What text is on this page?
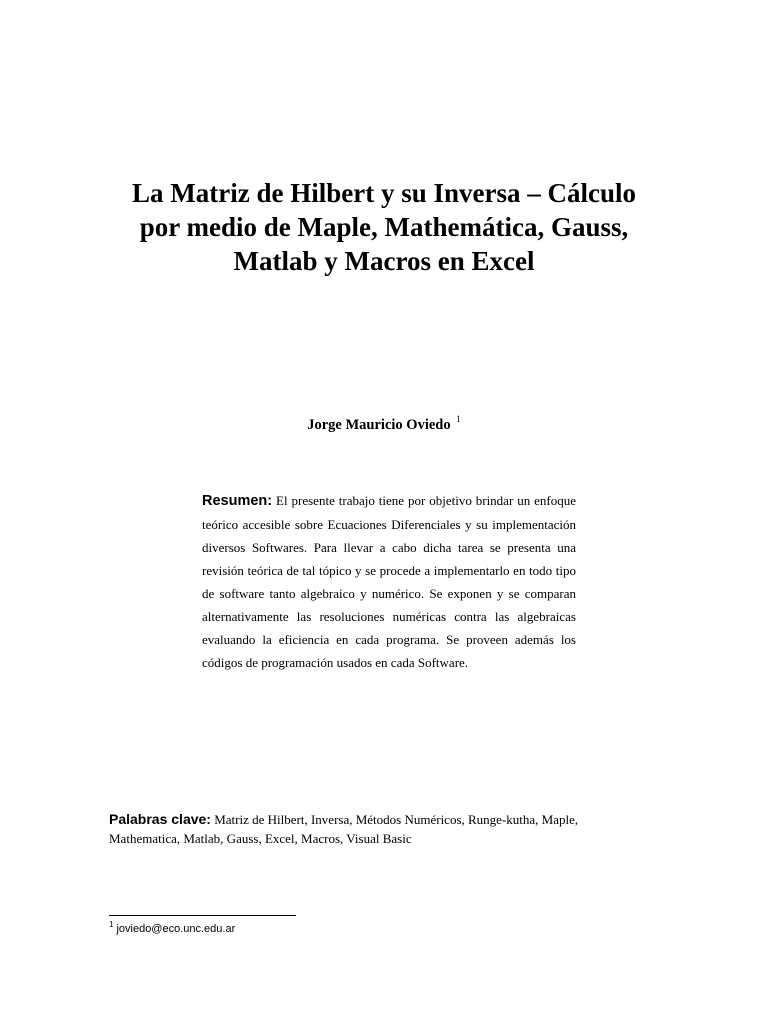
La Matriz de Hilbert y su Inversa – Cálculo
por medio de Maple, Mathemática, Gauss,
Matlab y Macros en Excel
Jorge Mauricio Oviedo $^1$
Resumen: El presente trabajo tiene por objetivo brindar un enfoque teórico accesible sobre Ecuaciones Diferenciales y su implementación diversos Softwares. Para llevar a cabo dicha tarea se presenta una revisión teórica de tal tópico y se procede a implementarlo en todo tipo de software tanto algebraico y numérico. Se exponen y se comparan alternativamente las resoluciones numéricas contra las algebraicas evaluando la eficiencia en cada programa. Se proveen además los códigos de programación usados en cada Software.
Palabras clave: Matriz de Hilbert, Inversa, Métodos Numéricos, Runge-kutha, Maple, Mathematica, Matlab, Gauss, Excel, Macros, Visual Basic
$^1$ joviedo@eco.unc.edu.ar
